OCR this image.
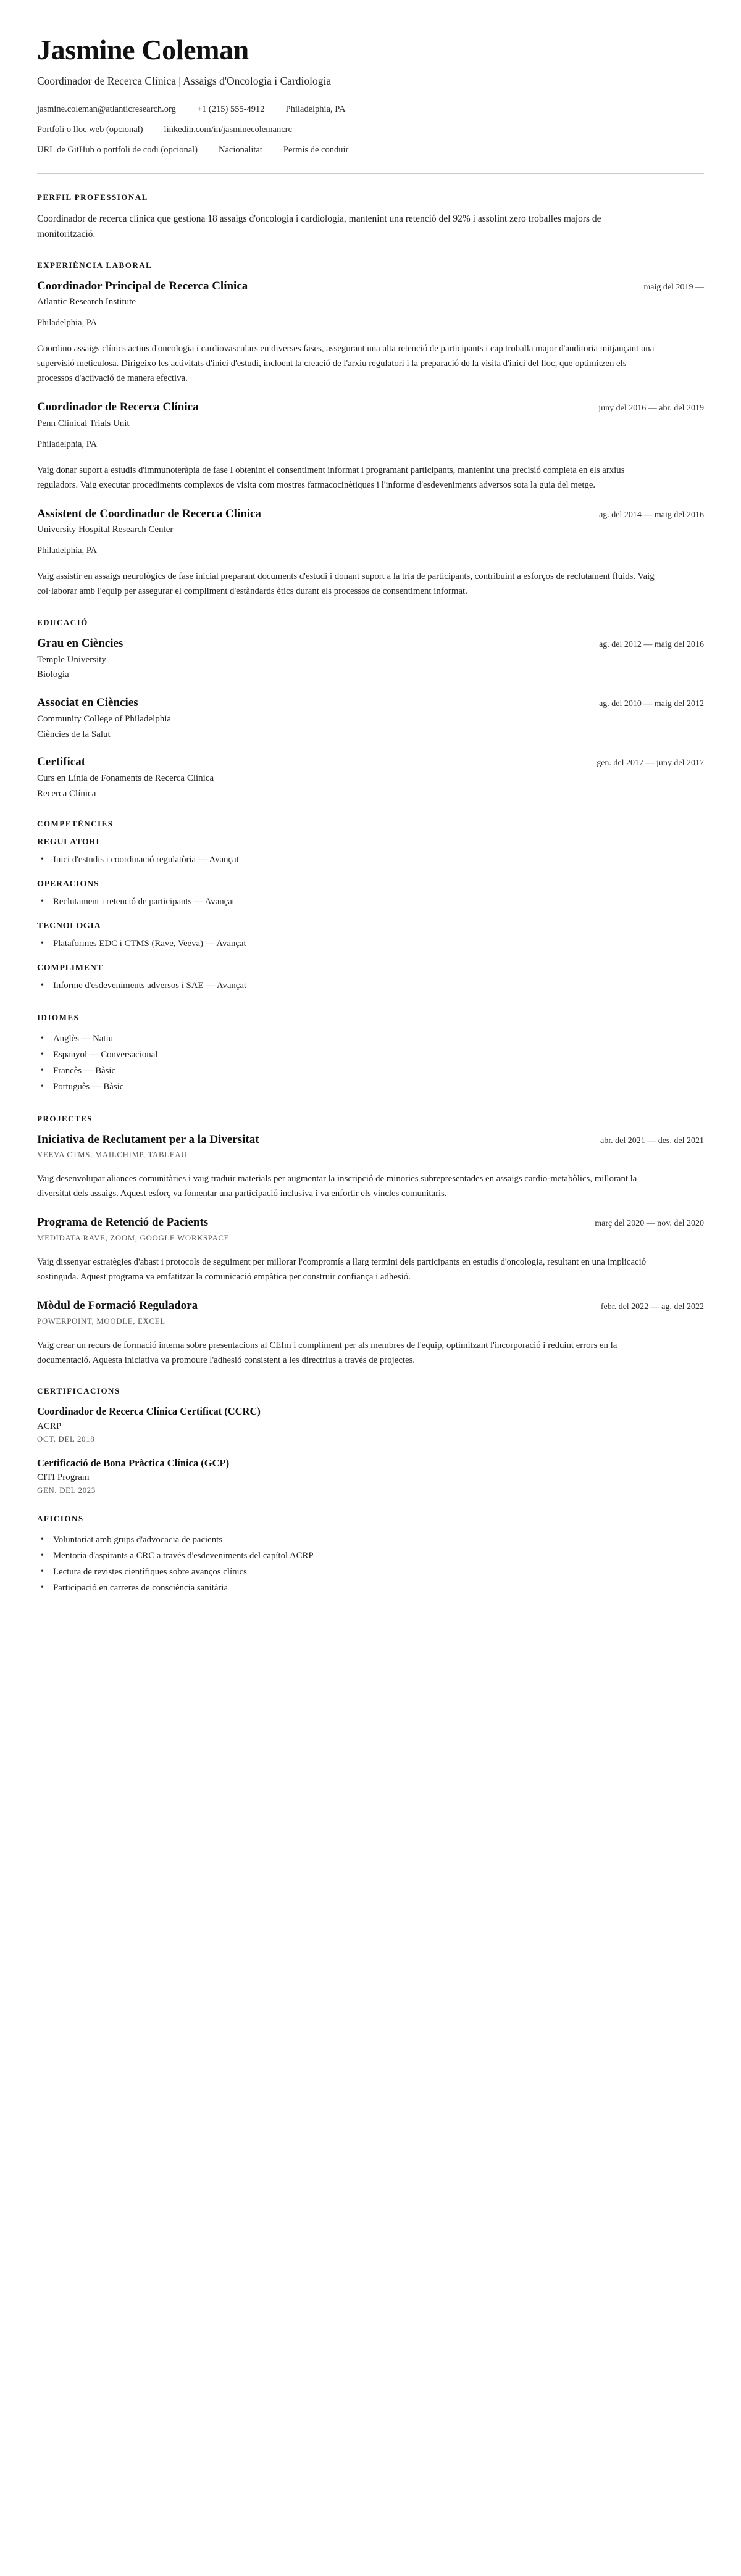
Jasmine Coleman
Coordinador de Recerca Clínica | Assaigs d'Oncologia i Cardiologia
jasmine.coleman@atlanticresearch.org +1 (215) 555-4912 Philadelphia, PA
Portfoli o lloc web (opcional) linkedin.com/in/jasminecolemancrc
URL de GitHub o portfoli de codi (opcional) Nacionalitat Permís de conduir
PERFIL PROFESSIONAL

Coordinador de recerca clínica que gestiona 18 assaigs d'oncologia i cardiologia, mantenint una retenció del 92% i assolint zero troballes majors de monitorització.

EXPERIÈNCIA LABORAL
Coordinador Principal de Recerca Clínica	maig del 2019 —
Atlantic Research Institute
Philadelphia, PA

Coordino assaigs clínics actius d'oncologia i cardiovasculars en diverses fases, assegurant una alta retenció de participants i cap troballa major d'auditoria mitjançant una supervisió meticulosa. Dirigeixo les activitats d'inici d'estudi, incloent la creació de l'arxiu regulatori i la preparació de la visita d'inici del lloc, que optimitzen els processos d'activació de manera efectiva.

Coordinador de Recerca Clínica	juny del 2016 — abr. del 2019
Penn Clinical Trials Unit
Philadelphia, PA

Vaig donar suport a estudis d'immunoteràpia de fase I obtenint el consentiment informat i programant participants, mantenint una precisió completa en els arxius reguladors. Vaig executar procediments complexos de visita com mostres farmacocinètiques i l'informe d'esdeveniments adversos sota la guia del metge.

Assistent de Coordinador de Recerca Clínica	ag. del 2014 — maig del 2016
University Hospital Research Center
Philadelphia, PA

Vaig assistir en assaigs neurològics de fase inicial preparant documents d'estudi i donant suport a la tria de participants, contribuint a esforços de reclutament fluids. Vaig col·laborar amb l'equip per assegurar el compliment d'estàndards ètics durant els processos de consentiment informat.

EDUCACIÓ
Grau en Ciències	ag. del 2012 — maig del 2016
Temple University
Biologia
Associat en Ciències	ag. del 2010 — maig del 2012
Community College of Philadelphia
Ciències de la Salut
Certificat	gen. del 2017 — juny del 2017
Curs en Línia de Fonaments de Recerca Clínica
Recerca Clínica
COMPETÈNCIES
REGULATORI
• Inici d'estudis i coordinació regulatòria — Avançat
OPERACIONS
• Reclutament i retenció de participants — Avançat
TECNOLOGIA
• Plataformes EDC i CTMS (Rave, Veeva) — Avançat
COMPLIMENT
• Informe d'esdeveniments adversos i SAE — Avançat
IDIOMES
• Anglès — Natiu
• Espanyol — Conversacional
• Francès — Bàsic
• Portuguès — Bàsic
PROJECTES
Iniciativa de Reclutament per a la Diversitat	abr. del 2021 — des. del 2021
VEEVA CTMS, MAILCHIMP, TABLEAU

Vaig desenvolupar aliances comunitàries i vaig traduir materials per augmentar la inscripció de minories subrepresentades en assaigs cardio-metabòlics, millorant la diversitat dels assaigs. Aquest esforç va fomentar una participació inclusiva i va enfortir els vincles comunitaris.

Programa de Retenció de Pacients	març del 2020 — nov. del 2020
MEDIDATA RAVE, ZOOM, GOOGLE WORKSPACE

Vaig dissenyar estratègies d'abast i protocols de seguiment per millorar l'compromís a llarg termini dels participants en estudis d'oncologia, resultant en una implicació sostinguda. Aquest programa va emfatitzar la comunicació empàtica per construir confiança i adhesió.

Mòdul de Formació Reguladora	febr. del 2022 — ag. del 2022
POWERPOINT, MOODLE, EXCEL

Vaig crear un recurs de formació interna sobre presentacions al CEIm i compliment per als membres de l'equip, optimitzant l'incorporació i reduint errors en la documentació. Aquesta iniciativa va promoure l'adhesió consistent a les directrius a través de projectes.

CERTIFICACIONS
Coordinador de Recerca Clínica Certificat (CCRC)
ACRP
OCT. DEL 2018
Certificació de Bona Pràctica Clínica (GCP)
CITI Program
GEN. DEL 2023
AFICIONS
• Voluntariat amb grups d'advocacia de pacients
• Mentoria d'aspirants a CRC a través d'esdeveniments del capítol ACRP
• Lectura de revistes científiques sobre avanços clínics
• Participació en carreres de consciència sanitària
